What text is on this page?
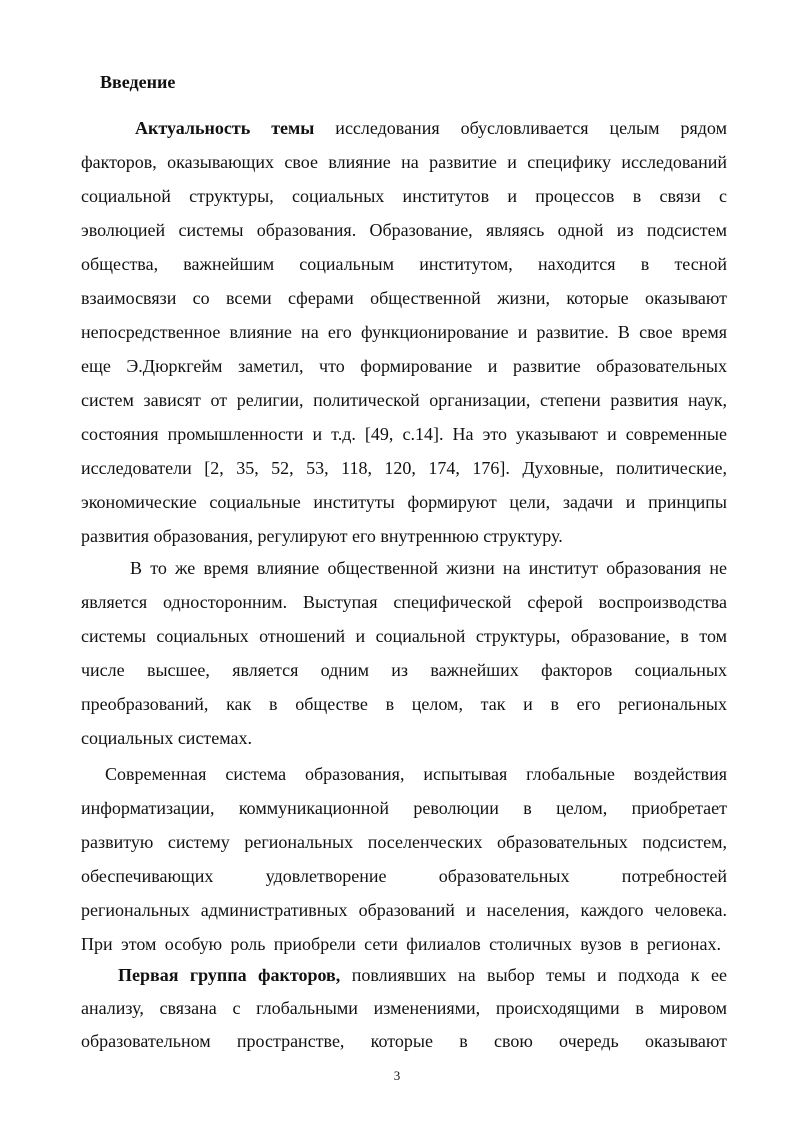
Введение
Актуальность темы исследования обусловливается целым рядом
факторов, оказывающих свое влияние на развитие и специфику исследований
социальной структуры, социальных институтов и процессов в связи с
эволюцией системы образования. Образование, являясь одной из подсистем
общества, важнейшим социальным институтом, находится в тесной
взаимосвязи со всеми сферами общественной жизни, которые оказывают
непосредственное влияние на его функционирование и развитие. В свое время
еще Э.Дюркгейм заметил, что формирование и развитие образовательных
систем зависят от религии, политической организации, степени развития наук,
состояния промышленности и т.д. [49, с.14]. На это указывают и современные
исследователи [2, 35, 52, 53, 118, 120, 174, 176]. Духовные, политические,
экономические социальные институты формируют цели, задачи и принципы
развития образования, регулируют его внутреннюю структуру.
В то же время влияние общественной жизни на институт образования не
является односторонним. Выступая специфической сферой воспроизводства
системы социальных отношений и социальной структуры, образование, в том
числе высшее, является одним из важнейших факторов социальных
преобразований, как в обществе в целом, так и в его региональных
социальных системах.
Современная система образования, испытывая глобальные воздействия
информатизации, коммуникационной революции в целом, приобретает
развитую систему региональных поселенческих образовательных подсистем,
обеспечивающих удовлетворение образовательных потребностей
региональных административных образований и населения, каждого человека.
При этом особую роль приобрели сети филиалов столичных вузов в регионах.
Первая группа факторов, повлиявших на выбор темы и подхода к ее
анализу, связана с глобальными изменениями, происходящими в мировом
образовательном пространстве, которые в свою очередь оказывают
3
